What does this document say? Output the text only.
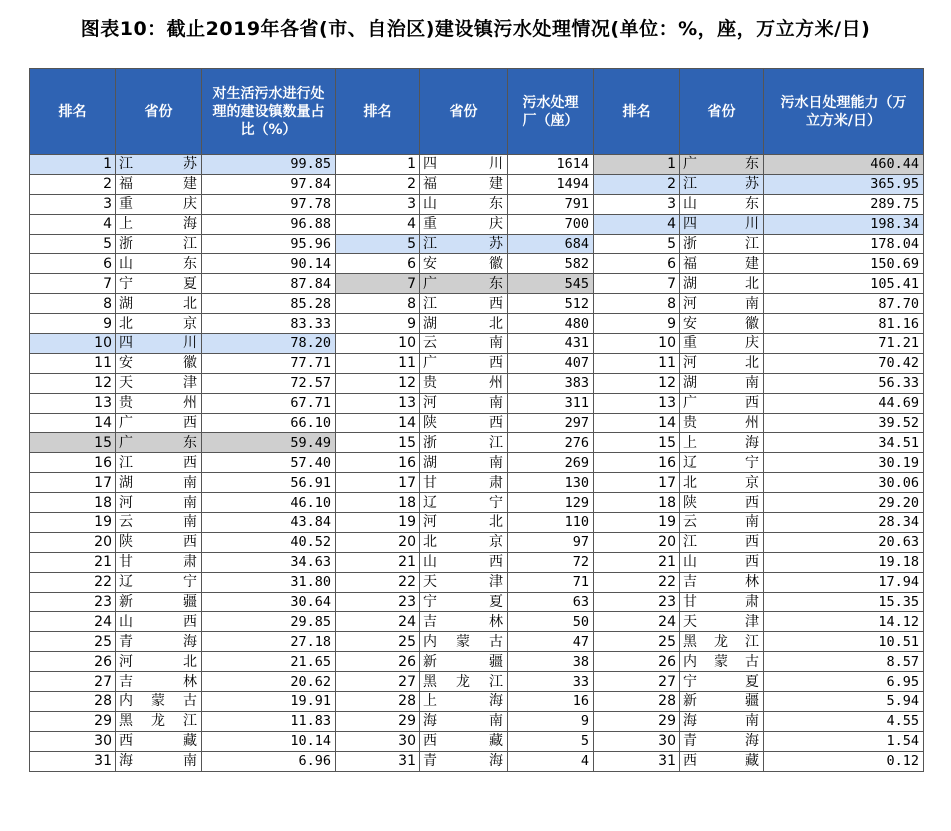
图表10：截止2019年各省(市、自治区)建设镇污水处理情况(单位：%，座，万立方米/日)
排名	省份	对生活污水进行处理的建设镇数量占比（%）	排名	省份	污水处理厂（座）	排名	省份	污水日处理能力（万立方米/日）
1	江 苏	99.85	1	四 川	1614	1	广 东	460.44
2	福 建	97.84	2	福 建	1494	2	江 苏	365.95
3	重 庆	97.78	3	山 东	791	3	山 东	289.75
4	上 海	96.88	4	重 庆	700	4	四 川	198.34
5	浙 江	95.96	5	江 苏	684	5	浙 江	178.04
6	山 东	90.14	6	安 徽	582	6	福 建	150.69
7	宁 夏	87.84	7	广 东	545	7	湖 北	105.41
8	湖 北	85.28	8	江 西	512	8	河 南	87.70
9	北 京	83.33	9	湖 北	480	9	安 徽	81.16
10	四 川	78.20	10	云 南	431	10	重 庆	71.21
11	安 徽	77.71	11	广 西	407	11	河 北	70.42
12	天 津	72.57	12	贵 州	383	12	湖 南	56.33
13	贵 州	67.71	13	河 南	311	13	广 西	44.69
14	广 西	66.10	14	陕 西	297	14	贵 州	39.52
15	广 东	59.49	15	浙 江	276	15	上 海	34.51
16	江 西	57.40	16	湖 南	269	16	辽 宁	30.19
17	湖 南	56.91	17	甘 肃	130	17	北 京	30.06
18	河 南	46.10	18	辽 宁	129	18	陕 西	29.20
19	云 南	43.84	19	河 北	110	19	云 南	28.34
20	陕 西	40.52	20	北 京	97	20	江 西	20.63
21	甘 肃	34.63	21	山 西	72	21	山 西	19.18
22	辽 宁	31.80	22	天 津	71	22	吉 林	17.94
23	新 疆	30.64	23	宁 夏	63	23	甘 肃	15.35
24	山 西	29.85	24	吉 林	50	24	天 津	14.12
25	青 海	27.18	25	内 蒙 古	47	25	黑 龙 江	10.51
26	河 北	21.65	26	新 疆	38	26	内 蒙 古	8.57
27	吉 林	20.62	27	黑 龙 江	33	27	宁 夏	6.95
28	内 蒙 古	19.91	28	上 海	16	28	新 疆	5.94
29	黑 龙 江	11.83	29	海 南	9	29	海 南	4.55
30	西 藏	10.14	30	西 藏	5	30	青 海	1.54
31	海 南	6.96	31	青 海	4	31	西 藏	0.12
